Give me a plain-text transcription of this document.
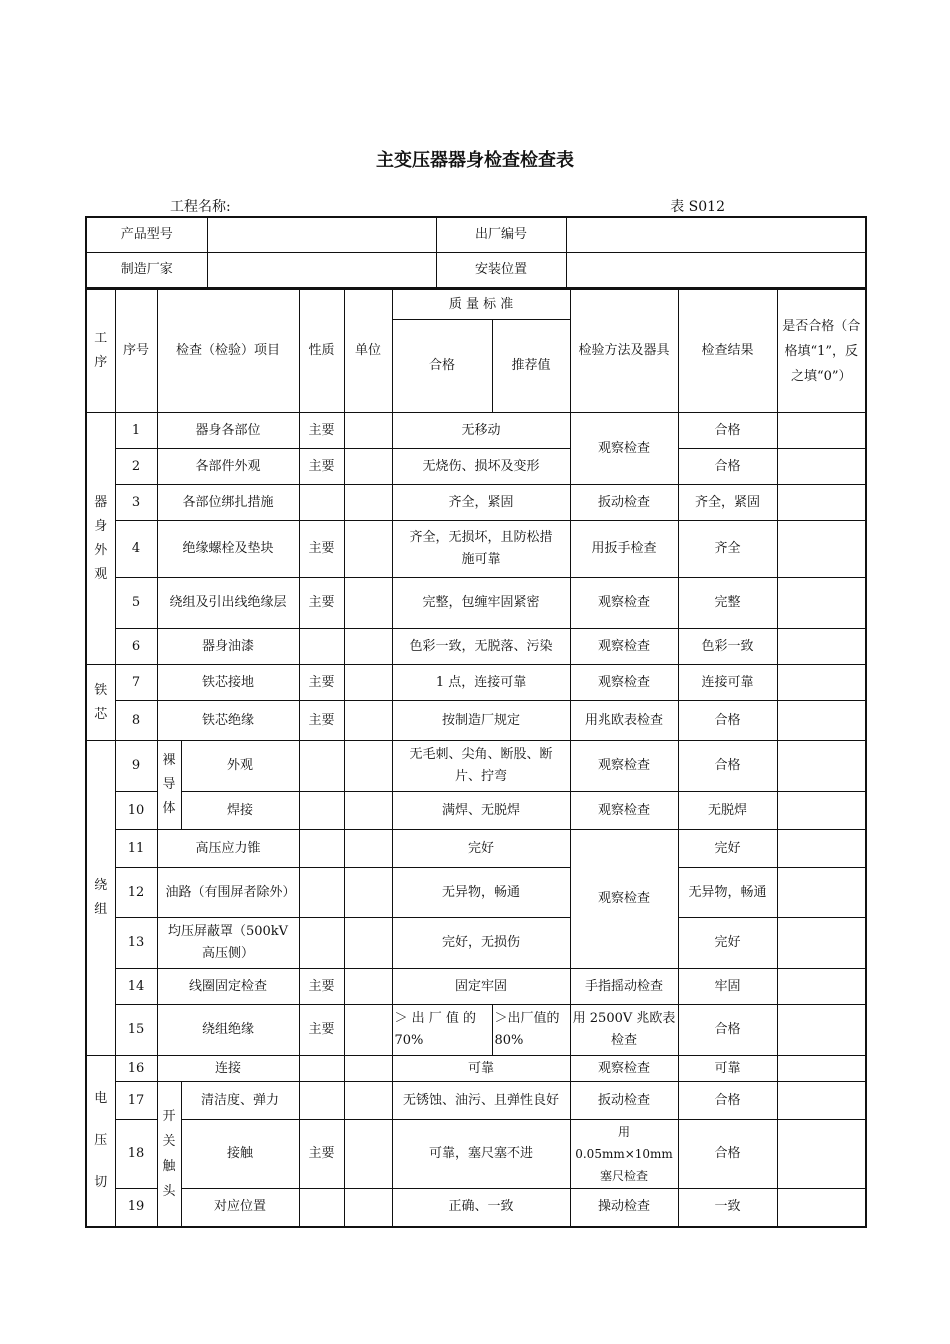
主变压器器身检查检查表
工程名称:	表 S012
产品型号		出厂编号	
制造厂家		安装位置	
工序	序号	检查（检验）项目		性质	单位	质 量 标 准		检验方法及器具	检查结果	是否合格（合格填“1”，反之填“0”）
						合格	推荐值			
器身外观	1	器身各部位		主要		无移动		观察检查	合格	
	2	各部件外观		主要		无烧伤、损坏及变形			合格	
	3	各部位绑扎措施				齐全，紧固		扳动检查	齐全，紧固	
	4	绝缘螺栓及垫块		主要		齐全，无损坏，且防松措施可靠		用扳手检查	齐全	
	5	绕组及引出线绝缘层		主要		完整，包缠牢固紧密		观察检查	完整	
	6	器身油漆				色彩一致，无脱落、污染		观察检查	色彩一致	
铁芯	7	铁芯接地		主要		1 点，连接可靠		观察检查	连接可靠	
	8	铁芯绝缘		主要		按制造厂规定		用兆欧表检查	合格	
绕组	9	裸导体	外观			无毛刺、尖角、断股、断片、拧弯		观察检查	合格	
	10		焊接			满焊、无脱焊		观察检查	无脱焊	
	11	高压应力锥				完好		观察检查	完好	
	12	油路（有围屏者除外）				无异物，畅通			无异物，畅通	
	13	均压屏蔽罩（500kV 高压侧）				完好，无损伤			完好	
	14	线圈固定检查		主要		固定牢固		手指摇动检查	牢固	
	15	绕组绝缘		主要		＞ 出 厂 值 的70%	＞出厂值的80%	用 2500V 兆欧表检查	合格	
电压切	16	连接				可靠		观察检查	可靠	
	17	开关触头	清洁度、弹力			无锈蚀、油污、且弹性良好		扳动检查	合格	
	18		接触	主要		可靠，塞尺塞不进		用 0.05mm×10mm塞尺检查	合格	
	19		对应位置			正确、一致		操动检查	一致	
